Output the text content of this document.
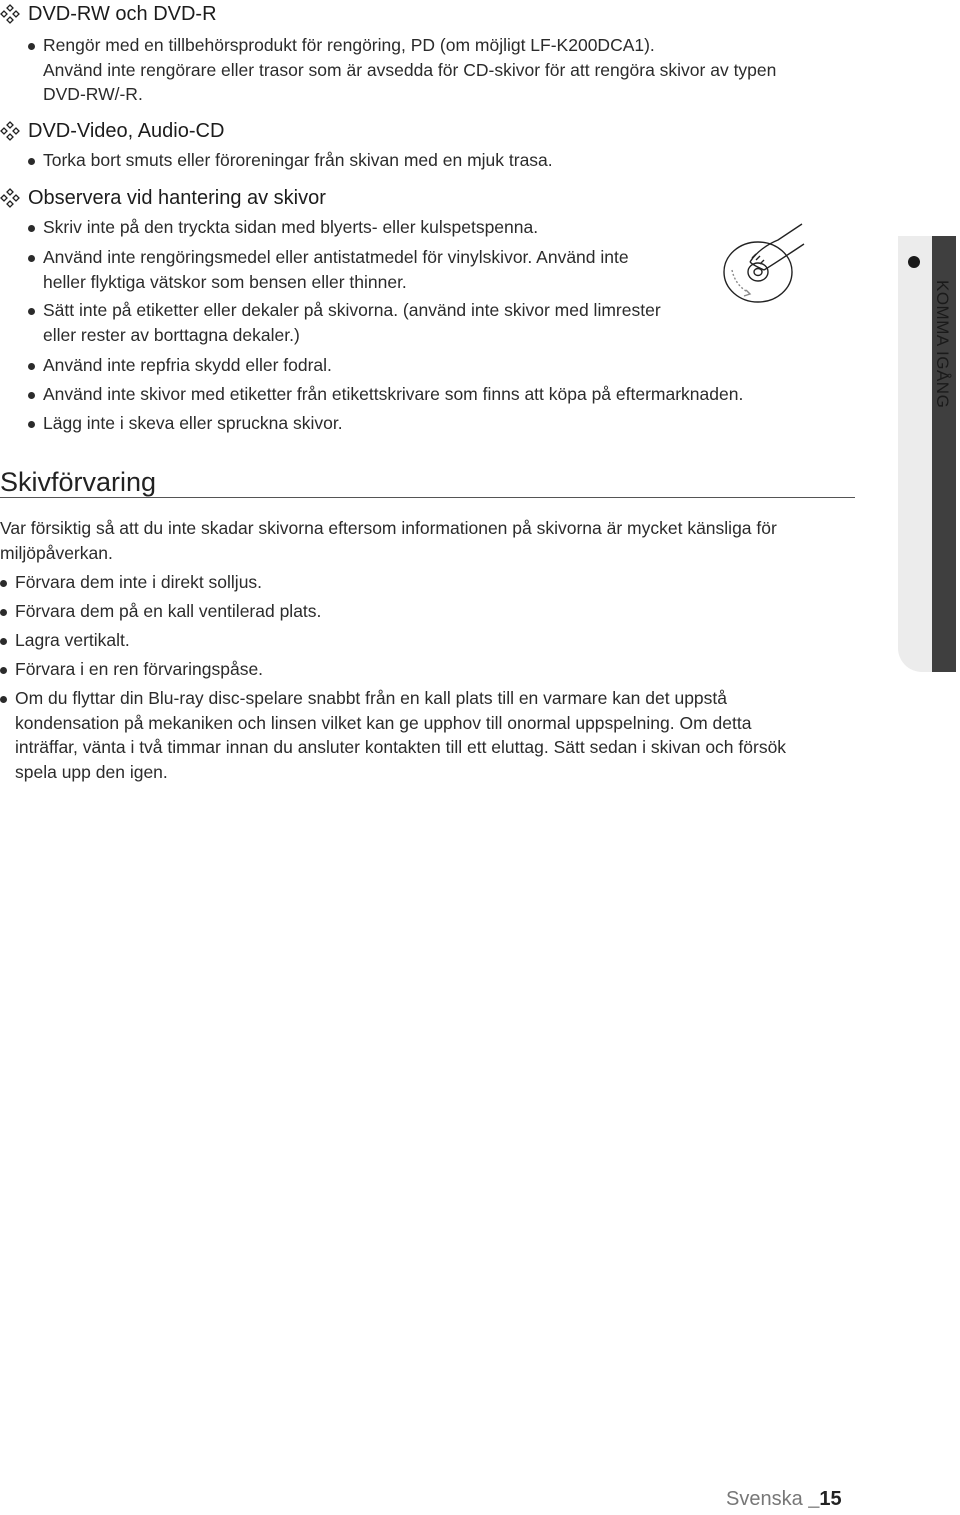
DVD-RW och DVD-R
Rengör med en tillbehörsprodukt för rengöring, PD (om möjligt LF-K200DCA1).
Använd inte rengörare eller trasor som är avsedda för CD-skivor för att rengöra skivor av typen
DVD-RW/-R.
DVD-Video, Audio-CD
Torka bort smuts eller föroreningar från skivan med en mjuk trasa.
Observera vid hantering av skivor
Skriv inte på den tryckta sidan med blyerts- eller kulspetspenna.
Använd inte rengöringsmedel eller antistatmedel för vinylskivor. Använd inte
heller flyktiga vätskor som bensen eller thinner.
Sätt inte på etiketter eller dekaler på skivorna. (använd inte skivor med limrester
eller rester av borttagna dekaler.)
Använd inte repfria skydd eller fodral.
Använd inte skivor med etiketter från etikettskrivare som finns att köpa på eftermarknaden.
Lägg inte i skeva eller spruckna skivor.
Skivförvaring
Var försiktig så att du inte skadar skivorna eftersom informationen på skivorna är mycket känsliga för
miljöpåverkan.
Förvara dem inte i direkt solljus.
Förvara dem på en kall ventilerad plats.
Lagra vertikalt.
Förvara i en ren förvaringspåse.
Om du flyttar din Blu-ray disc-spelare snabbt från en kall plats till en varmare kan det uppstå
kondensation på mekaniken och linsen vilket kan ge upphov till onormal uppspelning. Om detta
inträffar, vänta i två timmar innan du ansluter kontakten till ett eluttag. Sätt sedan i skivan och försök
spela upp den igen.
KOMMA IGÅNG
Svenska _15
